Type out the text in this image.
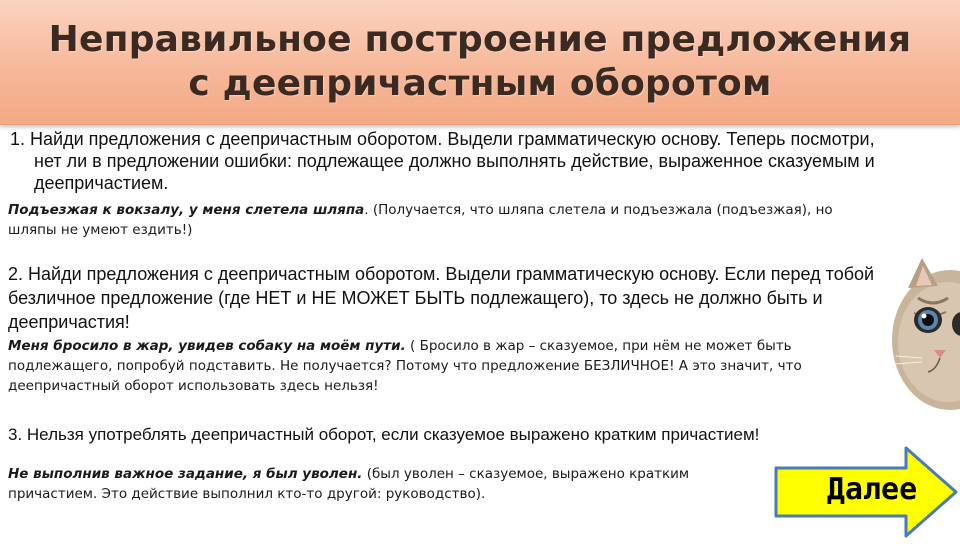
Неправильное построение предложения
с деепричастным оборотом
1. Найди предложения с деепричастным оборотом. Выдели грамматическую основу. Теперь посмотри, нет ли в предложении ошибки: подлежащее должно выполнять действие, выраженное сказуемым и деепричастием.
Подъезжая к вокзалу, у меня слетела шляпа. (Получается, что шляпа слетела и подъезжала (подъезжая), но шляпы не умеют ездить!)
2. Найди предложения с деепричастным оборотом. Выдели грамматическую основу. Если перед тобой безличное предложение (где НЕТ и НЕ МОЖЕТ БЫТЬ подлежащего), то здесь не должно быть и деепричастия!
Меня бросило в жар, увидев собаку на моём пути. ( Бросило в жар – сказуемое, при нём не может быть подлежащего, попробуй подставить. Не получается? Потому что предложение БЕЗЛИЧНОЕ! А это значит, что деепричастный оборот использовать здесь нельзя!
3. Нельзя употреблять деепричастный оборот, если сказуемое выражено кратким причастием!
Не выполнив важное задание, я был уволен. (был уволен – сказуемое, выражено кратким причастием. Это действие выполнил кто-то другой: руководство).	Далее
